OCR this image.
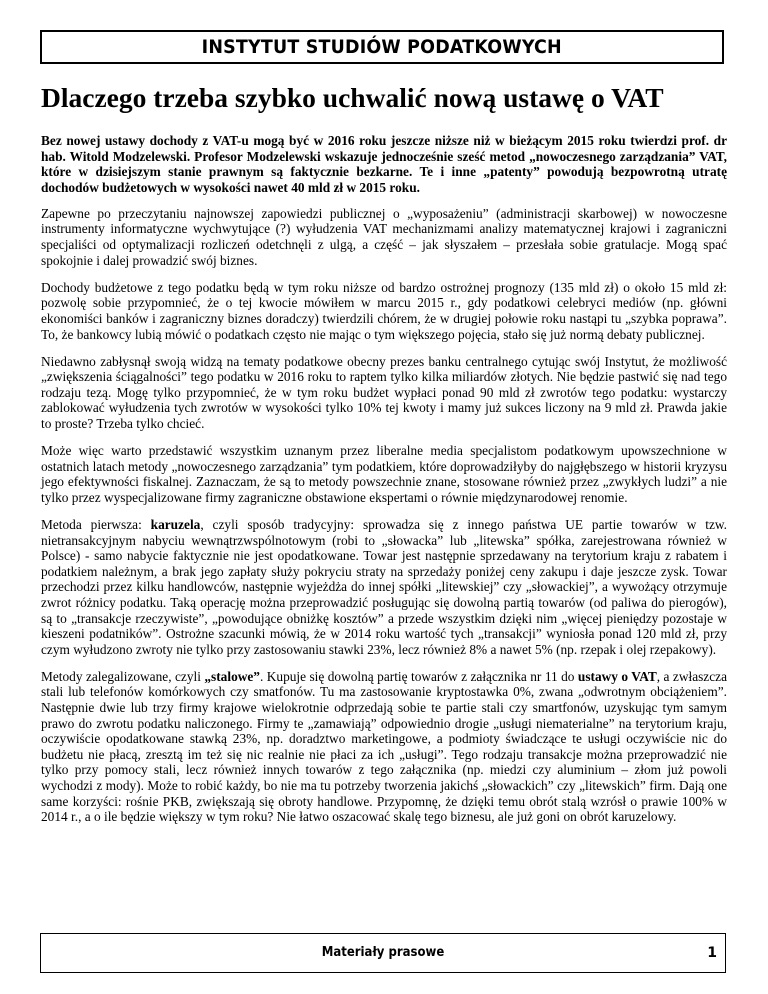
INSTYTUT STUDIÓW PODATKOWYCH
Dlaczego trzeba szybko uchwalić nową ustawę o VAT

Bez nowej ustawy dochody z VAT-u mogą być w 2016 roku jeszcze niższe niż w bieżącym 2015 roku twierdzi prof. dr hab. Witold Modzelewski. Profesor Modzelewski wskazuje jednocześnie sześć metod „nowoczesnego zarządzania” VAT, które w dzisiejszym stanie prawnym są faktycznie bezkarne. Te i inne „patenty” powodują bezpowrotną utratę dochodów budżetowych w wysokości nawet 40 mld zł w 2015 roku.

Zapewne po przeczytaniu najnowszej zapowiedzi publicznej o „wyposażeniu” (administracji skarbowej) w nowoczesne instrumenty informatyczne wychwytujące (?) wyłudzenia VAT mechanizmami analizy matematycznej krajowi i zagraniczni specjaliści od optymalizacji rozliczeń odetchnęli z ulgą, a część – jak słyszałem – przesłała sobie gratulacje. Mogą spać spokojnie i dalej prowadzić swój biznes.

Dochody budżetowe z tego podatku będą w tym roku niższe od bardzo ostrożnej prognozy (135 mld zł) o około 15 mld zł: pozwolę sobie przypomnieć, że o tej kwocie mówiłem w marcu 2015 r., gdy podatkowi celebryci mediów (np. główni ekonomiści banków i zagraniczny biznes doradczy) twierdzili chórem, że w drugiej połowie roku nastąpi tu „szybka poprawa”. To, że bankowcy lubią mówić o podatkach często nie mając o tym większego pojęcia, stało się już normą debaty publicznej.

Niedawno zabłysnął swoją widzą na tematy podatkowe obecny prezes banku centralnego cytując swój Instytut, że możliwość „zwiększenia ściągalności” tego podatku w 2016 roku to raptem tylko kilka miliardów złotych. Nie będzie pastwić się nad tego rodzaju tezą. Mogę tylko przypomnieć, że w tym roku budżet wypłaci ponad 90 mld zł zwrotów tego podatku: wystarczy zablokować wyłudzenia tych zwrotów w wysokości tylko 10% tej kwoty i mamy już sukces liczony na 9 mld zł. Prawda jakie to proste? Trzeba tylko chcieć.

Może więc warto przedstawić wszystkim uznanym przez liberalne media specjalistom podatkowym upowszechnione w ostatnich latach metody „nowoczesnego zarządzania” tym podatkiem, które doprowadziłyby do najgłębszego w historii kryzysu jego efektywności fiskalnej. Zaznaczam, że są to metody powszechnie znane, stosowane również przez „zwykłych ludzi” a nie tylko przez wyspecjalizowane firmy zagraniczne obstawione ekspertami o równie międzynarodowej renomie.

Metoda pierwsza: karuzela, czyli sposób tradycyjny: sprowadza się z innego państwa UE partie towarów w tzw. nietransakcyjnym nabyciu wewnątrzwspólnotowym (robi to „słowacka” lub „litewska” spółka, zarejestrowana również w Polsce) - samo nabycie faktycznie nie jest opodatkowane. Towar jest następnie sprzedawany na terytorium kraju z rabatem i podatkiem należnym, a brak jego zapłaty służy pokryciu straty na sprzedaży poniżej ceny zakupu i daje jeszcze zysk. Towar przechodzi przez kilku handlowców, następnie wyjeżdża do innej spółki „litewskiej” czy „słowackiej”, a wywożący otrzymuje zwrot różnicy podatku. Taką operację można przeprowadzić posługując się dowolną partią towarów (od paliwa do pierogów), są to „transakcje rzeczywiste”, „powodujące obniżkę kosztów” a przede wszystkim dzięki nim „więcej pieniędzy pozostaje w kieszeni podatników”. Ostrożne szacunki mówią, że w 2014 roku wartość tych „transakcji” wyniosła ponad 120 mld zł, przy czym wyłudzono zwroty nie tylko przy zastosowaniu stawki 23%, lecz również 8% a nawet 5% (np. rzepak i olej rzepakowy).

Metody zalegalizowane, czyli „stalowe”. Kupuje się dowolną partię towarów z załącznika nr 11 do ustawy o VAT, a zwłaszcza stali lub telefonów komórkowych czy smatfonów. Tu ma zastosowanie kryptostawka 0%, zwana „odwrotnym obciążeniem”. Następnie dwie lub trzy firmy krajowe wielokrotnie odprzedają sobie te partie stali czy smartfonów, uzyskując tym samym prawo do zwrotu podatku naliczonego. Firmy te „zamawiają” odpowiednio drogie „usługi niematerialne” na terytorium kraju, oczywiście opodatkowane stawką 23%, np. doradztwo marketingowe, a podmioty świadczące te usługi oczywiście nic do budżetu nie płacą, zresztą im też się nic realnie nie płaci za ich „usługi”. Tego rodzaju transakcje można przeprowadzić nie tylko przy pomocy stali, lecz również innych towarów z tego załącznika (np. miedzi czy aluminium – złom już powoli wychodzi z mody). Może to robić każdy, bo nie ma tu potrzeby tworzenia jakichś „słowackich” czy „litewskich” firm. Dają one same korzyści: rośnie PKB, zwiększają się obroty handlowe. Przypomnę, że dzięki temu obrót stalą wzrósł o prawie 100% w 2014 r., a o ile będzie większy w tym roku? Nie łatwo oszacować skalę tego biznesu, ale już goni on obrót karuzelowy.

Materiały prasowe	1
